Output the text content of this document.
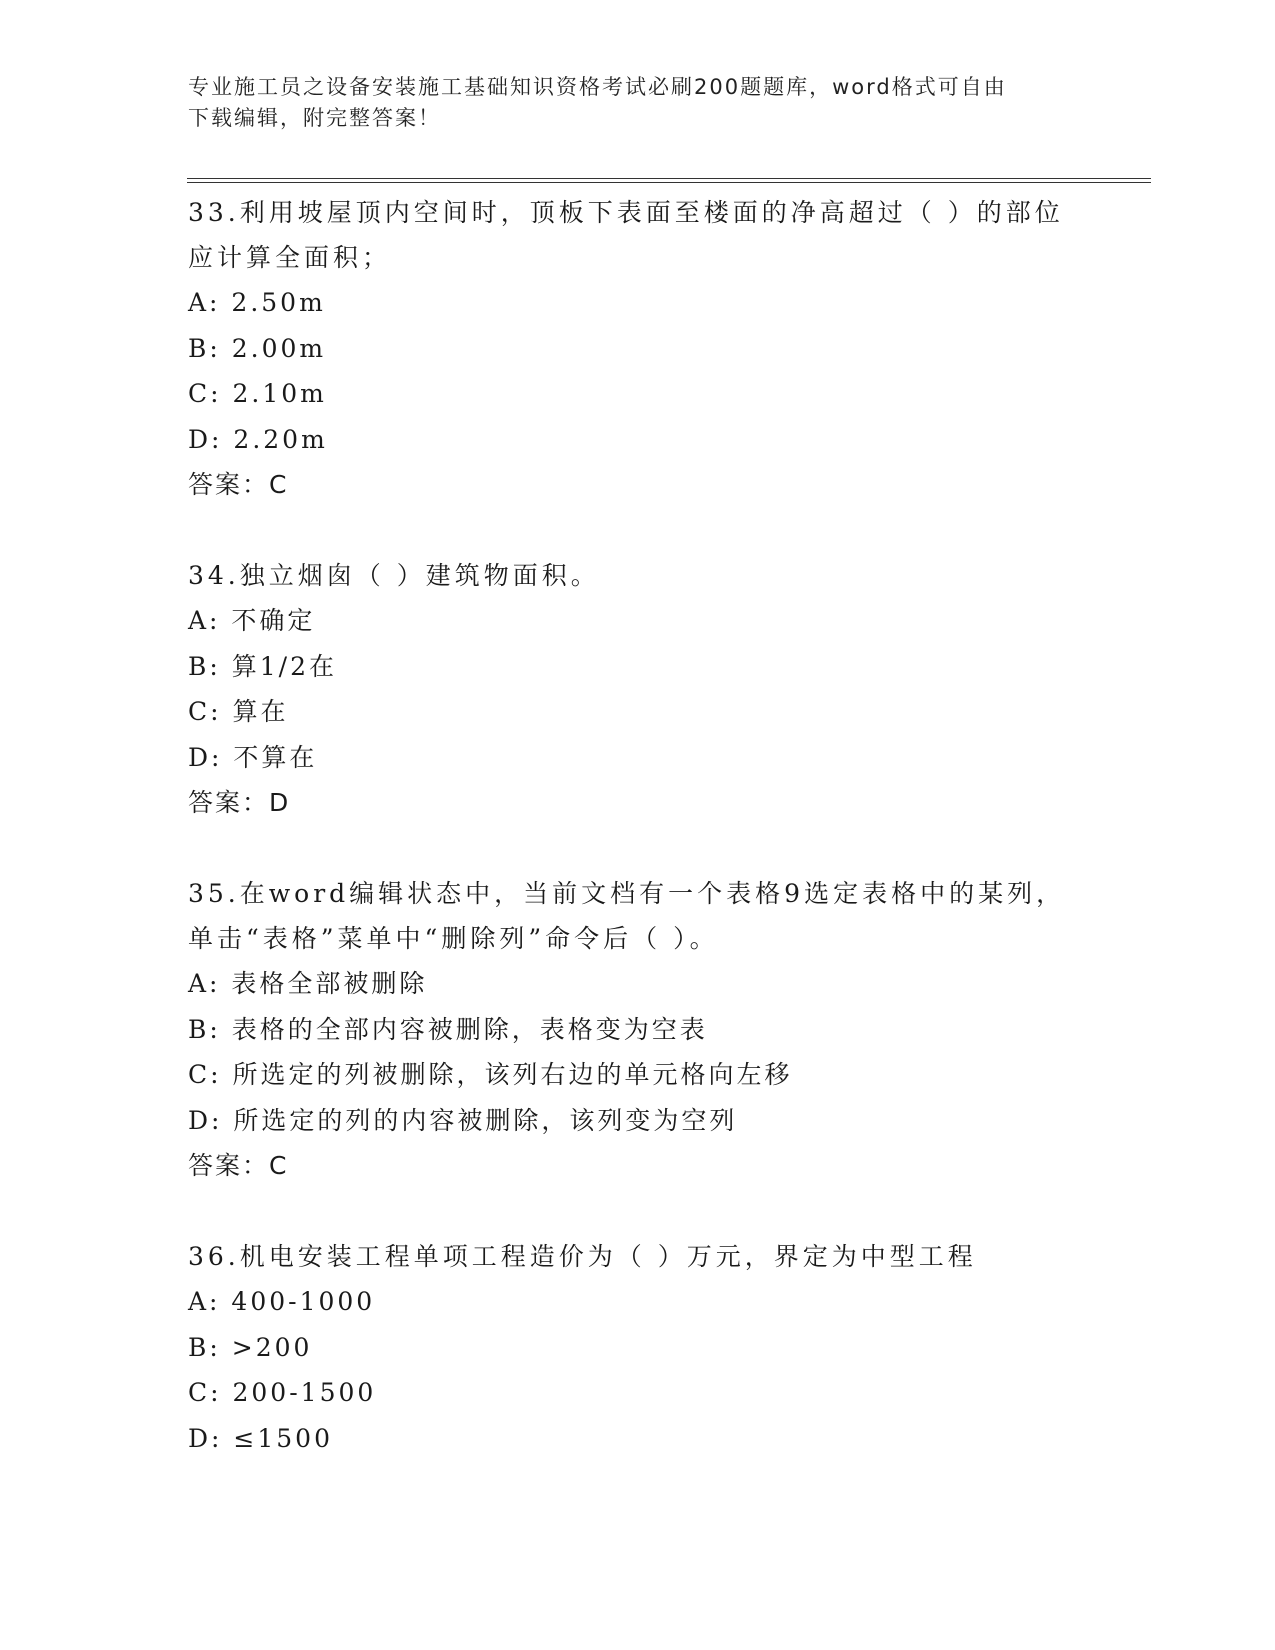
专业施工员之设备安装施工基础知识资格考试必刷200题题库，word格式可自由
下载编辑，附完整答案！
33.利用坡屋顶内空间时，顶板下表面至楼面的净高超过（ ）的部位
应计算全面积；
A: 2.50m
B: 2.00m
C: 2.10m
D: 2.20m
答案：C
34.独立烟囱（ ）建筑物面积。
A: 不确定
B: 算1/2在
C: 算在
D: 不算在
答案：D
35.在word编辑状态中，当前文档有一个表格9选定表格中的某列，
单击“表格”菜单中“删除列”命令后（ ）。
A: 表格全部被删除
B: 表格的全部内容被删除，表格变为空表
C: 所选定的列被删除，该列右边的单元格向左移
D: 所选定的列的内容被删除，该列变为空列
答案：C
36.机电安装工程单项工程造价为（ ）万元，界定为中型工程
A: 400-1000
B: >200
C: 200-1500
D: ≤1500
